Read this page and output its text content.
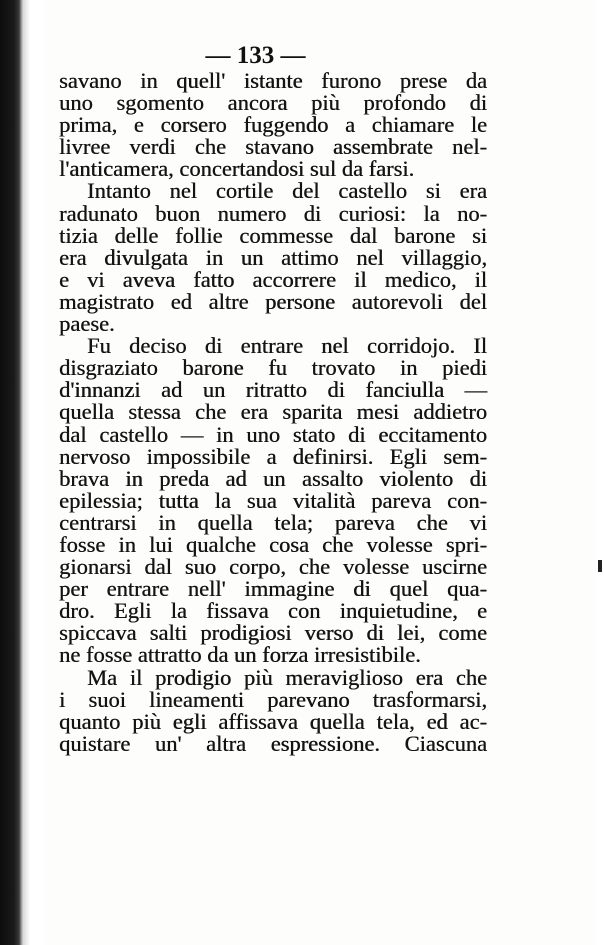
— 133 —
savano in quell' istante furono prese da
uno sgomento ancora più profondo di
prima, e corsero fuggendo a chiamare le
livree verdi che stavano assembrate nel-
l'anticamera, concertandosi sul da farsi.
Intanto nel cortile del castello si era
radunato buon numero di curiosi: la no-
tizia delle follie commesse dal barone si
era divulgata in un attimo nel villaggio,
e vi aveva fatto accorrere il medico, il
magistrato ed altre persone autorevoli del
paese.
Fu deciso di entrare nel corridojo. Il
disgraziato barone fu trovato in piedi
d'innanzi ad un ritratto di fanciulla —
quella stessa che era sparita mesi addietro
dal castello — in uno stato di eccitamento
nervoso impossibile a definirsi. Egli sem-
brava in preda ad un assalto violento di
epilessia; tutta la sua vitalità pareva con-
centrarsi in quella tela; pareva che vi
fosse in lui qualche cosa che volesse spri-
gionarsi dal suo corpo, che volesse uscirne
per entrare nell' immagine di quel qua-
dro. Egli la fissava con inquietudine, e
spiccava salti prodigiosi verso di lei, come
ne fosse attratto da un forza irresistibile.
Ma il prodigio più meraviglioso era che
i suoi lineamenti parevano trasformarsi,
quanto più egli affissava quella tela, ed ac-
quistare un' altra espressione. Ciascuna
